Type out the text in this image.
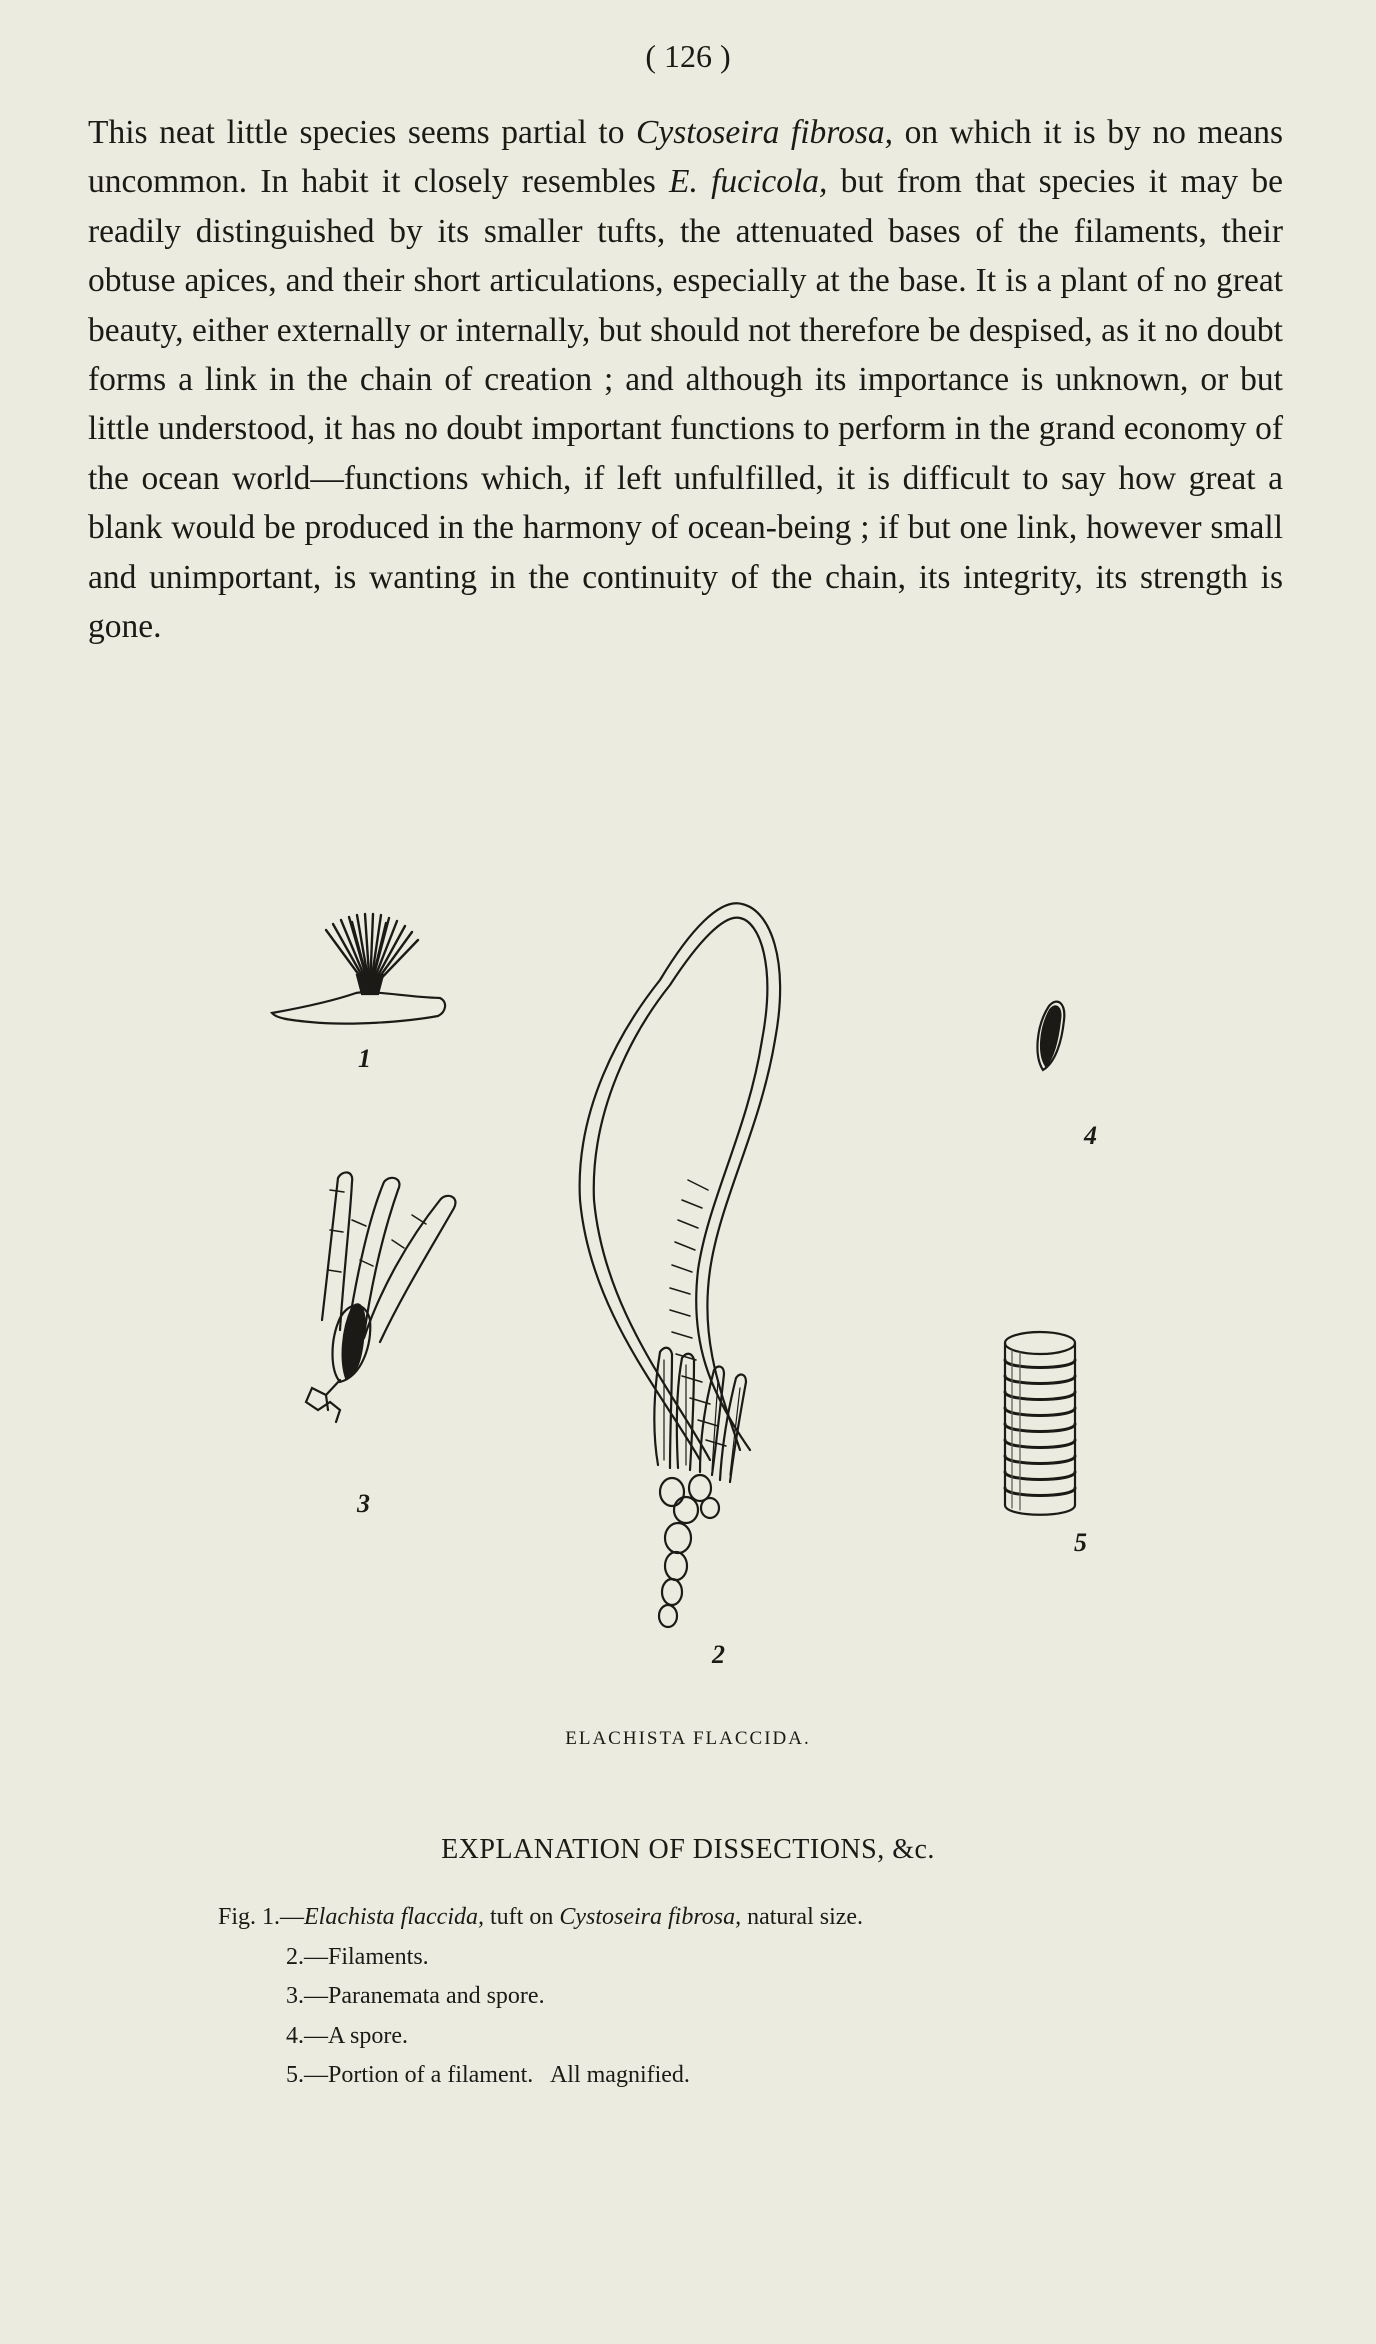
( 126 )

This neat little species seems partial to Cystoseira fibrosa, on which it is by no means uncommon. In habit it closely resembles E. fucicola, but from that species it may be readily distinguished by its smaller tufts, the attenuated bases of the filaments, their obtuse apices, and their short articulations, especially at the base. It is a plant of no great beauty, either externally or internally, but should not therefore be despised, as it no doubt forms a link in the chain of creation ; and although its importance is unknown, or but little understood, it has no doubt important functions to perform in the grand economy of the ocean world—functions which, if left unfulfilled, it is difficult to say how great a blank would be produced in the harmony of ocean-being ; if but one link, however small and unimportant, is wanting in the continuity of the chain, its integrity, its strength is gone.

1
2
3
4
5
ELACHISTA FLACCIDA.
EXPLANATION OF DISSECTIONS, &c.
Fig. 1.—Elachista flaccida, tuft on Cystoseira fibrosa, natural size.
2.—Filaments.
3.—Paranemata and spore.
4.—A spore.
5.—Portion of a filament.   All magnified.
